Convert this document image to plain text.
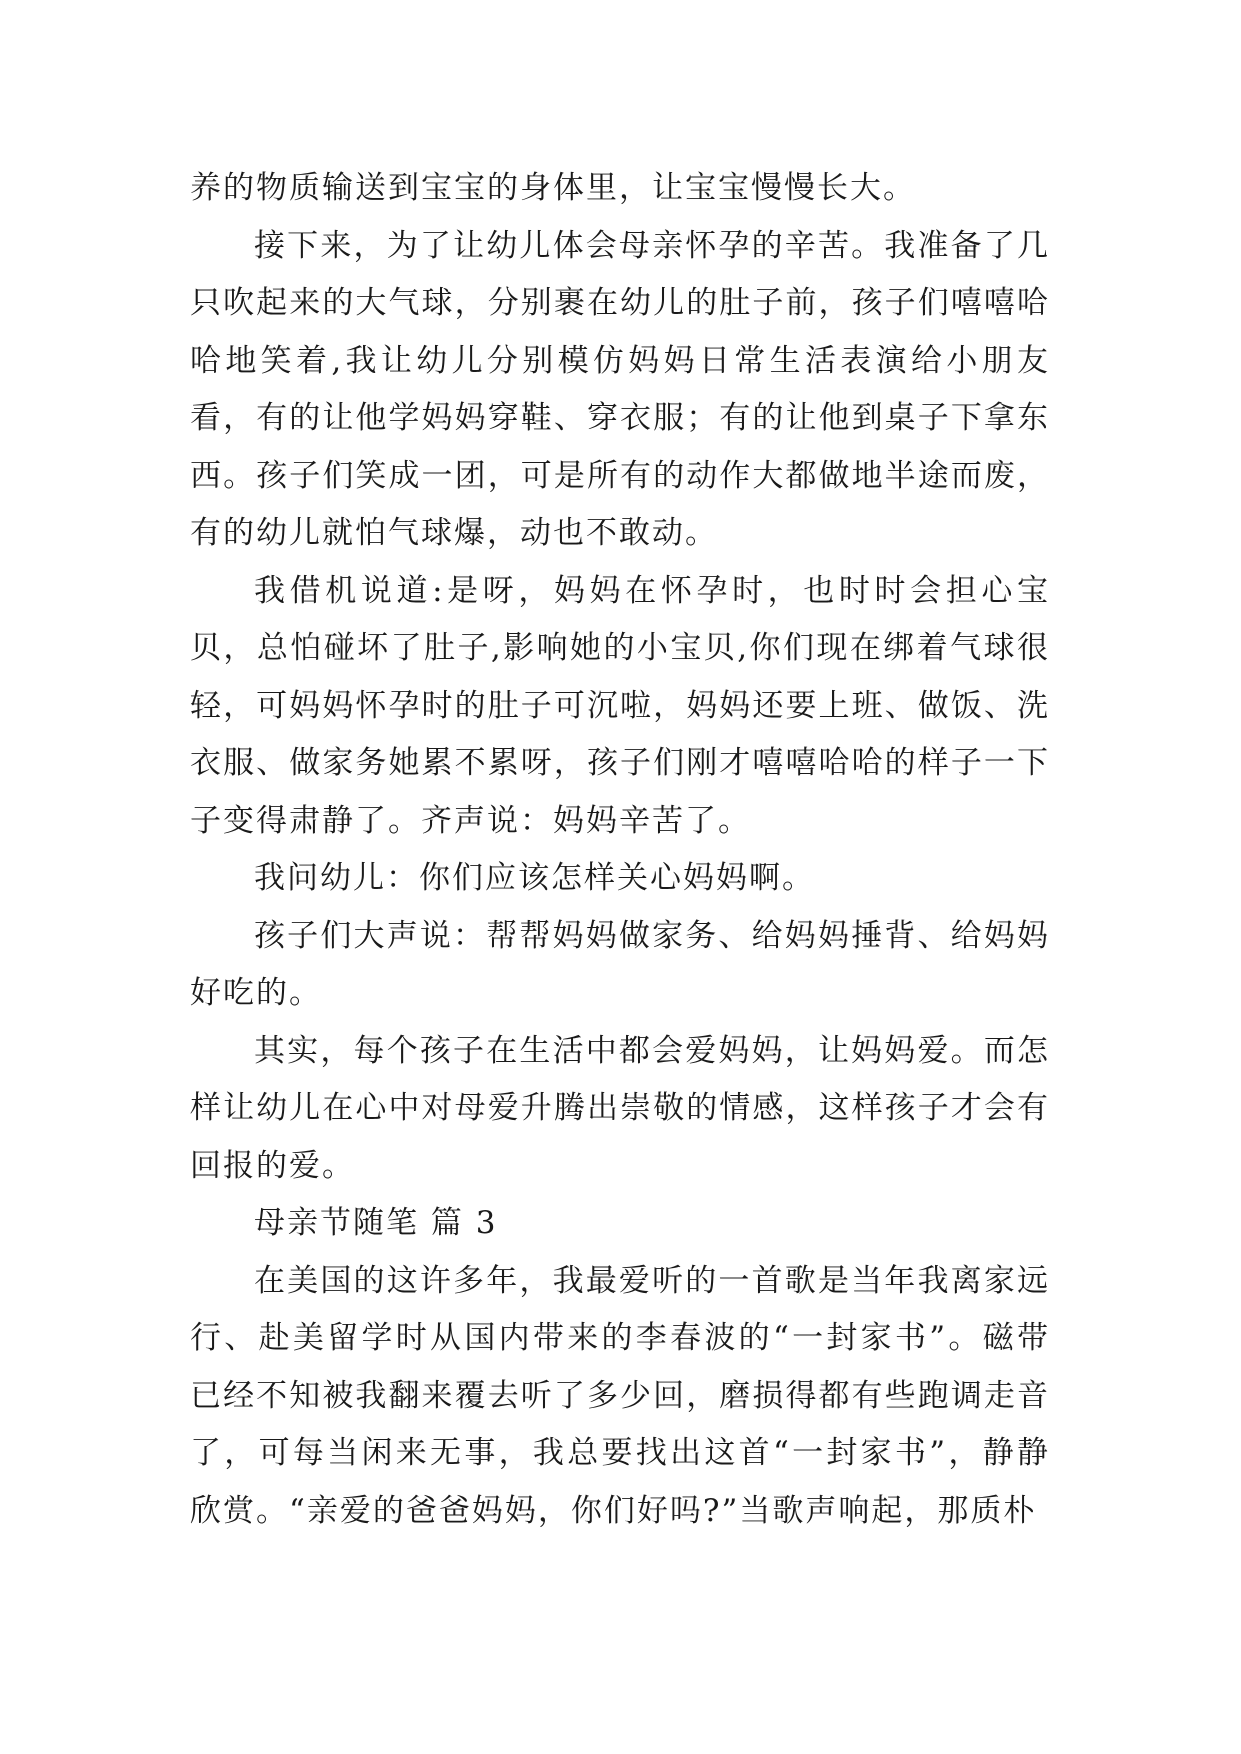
养的物质输送到宝宝的身体里，让宝宝慢慢长大。

接下来，为了让幼儿体会母亲怀孕的辛苦。我准备了几只吹起来的大气球，分别裹在幼儿的肚子前，孩子们嘻嘻哈哈地笑着,我让幼儿分别模仿妈妈日常生活表演给小朋友看，有的让他学妈妈穿鞋、穿衣服；有的让他到桌子下拿东西。孩子们笑成一团，可是所有的动作大都做地半途而废，有的幼儿就怕气球爆，动也不敢动。

我借机说道:是呀，妈妈在怀孕时，也时时会担心宝贝，总怕碰坏了肚子,影响她的小宝贝,你们现在绑着气球很轻，可妈妈怀孕时的肚子可沉啦，妈妈还要上班、做饭、洗衣服、做家务她累不累呀，孩子们刚才嘻嘻哈哈的样子一下子变得肃静了。齐声说：妈妈辛苦了。

我问幼儿：你们应该怎样关心妈妈啊。

孩子们大声说：帮帮妈妈做家务、给妈妈捶背、给妈妈好吃的。

其实，每个孩子在生活中都会爱妈妈，让妈妈爱。而怎样让幼儿在心中对母爱升腾出崇敬的情感，这样孩子才会有回报的爱。

母亲节随笔 篇 3

在美国的这许多年，我最爱听的一首歌是当年我离家远行、赴美留学时从国内带来的李春波的“一封家书”。磁带已经不知被我翻来覆去听了多少回，磨损得都有些跑调走音了，可每当闲来无事，我总要找出这首“一封家书”，静静欣赏。“亲爱的爸爸妈妈，你们好吗?”当歌声响起，那质朴
